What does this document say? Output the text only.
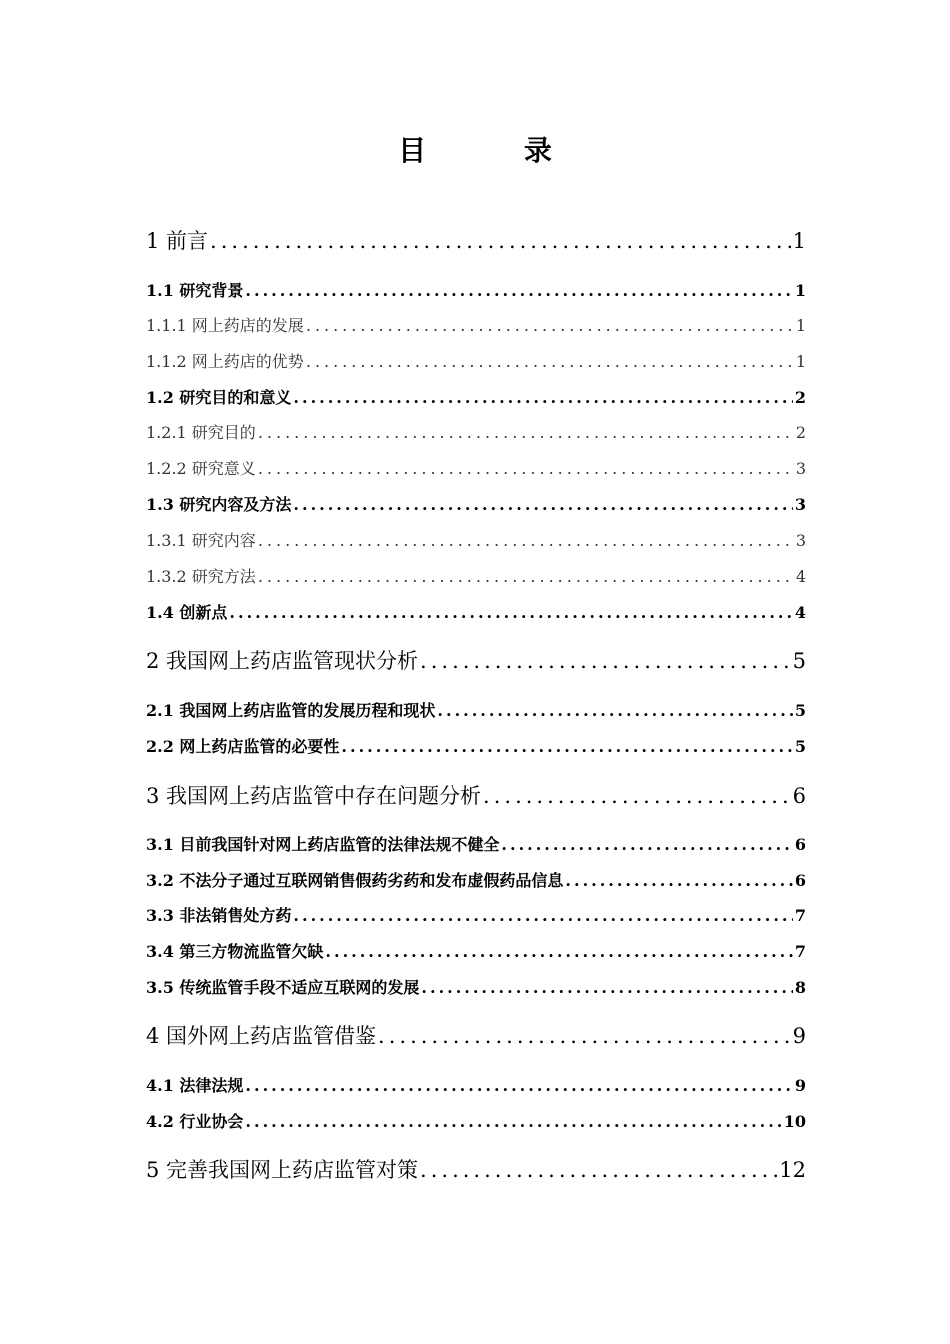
目 录
1 前言 .....	1
1.1 研究背景 .....	1
1.1.1 网上药店的发展 .....	1
1.1.2 网上药店的优势 .....	1
1.2 研究目的和意义 .....	2
1.2.1 研究目的 .....	2
1.2.2 研究意义 .....	3
1.3 研究内容及方法 .....	3
1.3.1 研究内容 .....	3
1.3.2 研究方法 .....	4
1.4 创新点 .....	4
2 我国网上药店监管现状分析 .....	5
2.1 我国网上药店监管的发展历程和现状 .....	5
2.2 网上药店监管的必要性 .....	5
3 我国网上药店监管中存在问题分析 .....	6
3.1 目前我国针对网上药店监管的法律法规不健全 .....	6
3.2 不法分子通过互联网销售假药劣药和发布虚假药品信息 .....	6
3.3 非法销售处方药 .....	7
3.4 第三方物流监管欠缺 .....	7
3.5 传统监管手段不适应互联网的发展 .....	8
4 国外网上药店监管借鉴 .....	9
4.1 法律法规 .....	9
4.2 行业协会 .....	10
5 完善我国网上药店监管对策 .....	12
